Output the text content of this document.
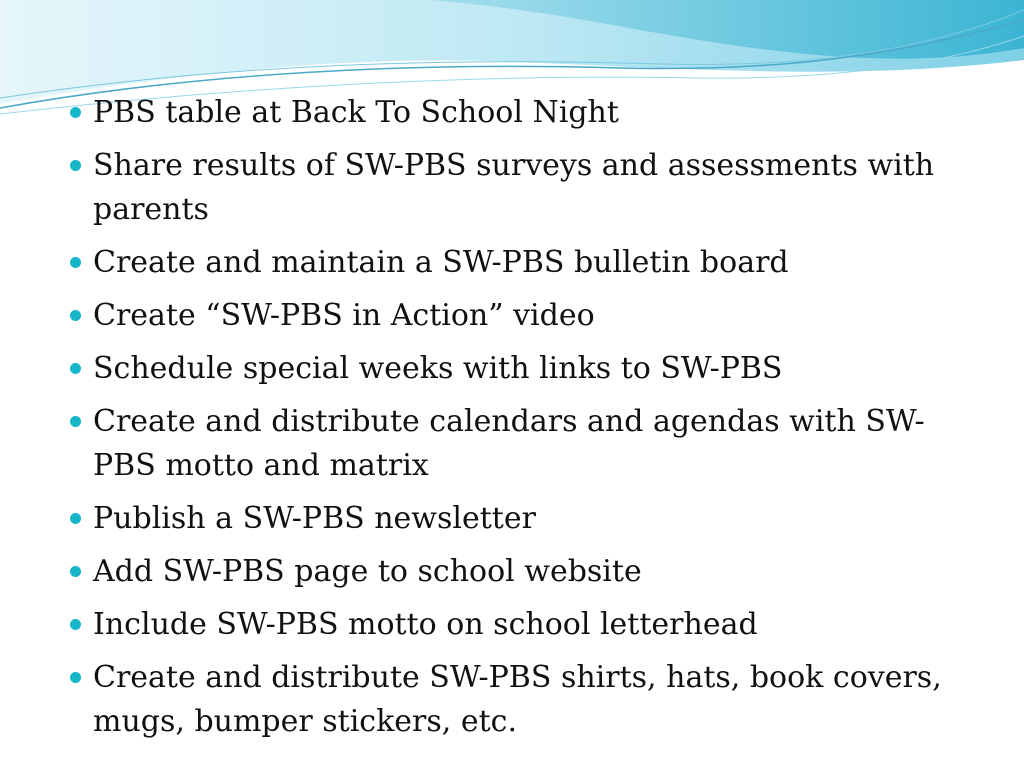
PBS table at Back To School Night
Share results of SW-PBS surveys and assessments with parents
Create and maintain a SW-PBS bulletin board
Create “SW-PBS in Action” video
Schedule special weeks with links to SW-PBS
Create and distribute calendars and agendas with SW-PBS motto and matrix
Publish a SW-PBS newsletter
Add SW-PBS page to school website
Include SW-PBS motto on school letterhead
Create and distribute SW-PBS shirts, hats, book covers, mugs, bumper stickers, etc.
